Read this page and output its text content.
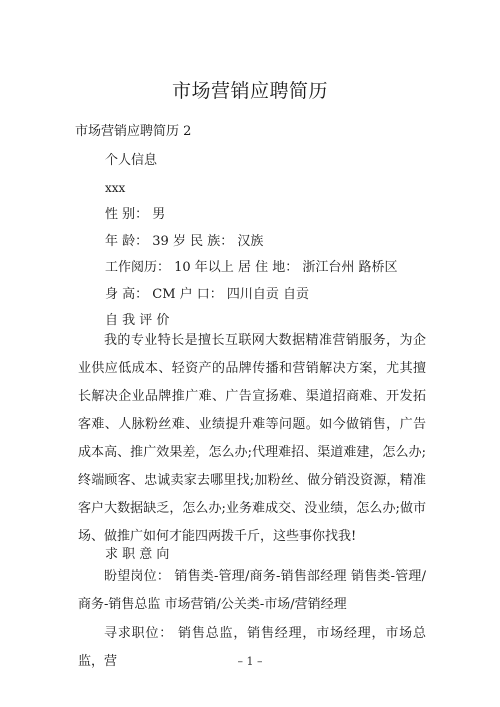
市场营销应聘简历
市场营销应聘简历 2
个人信息
xxx
性 别： 男
年 龄： 39 岁 民 族： 汉族
工作阅历： 10 年以上 居 住 地： 浙江台州 路桥区
身 高： CM 户 口： 四川自贡 自贡
自 我 评 价

我的专业特长是擅长互联网大数据精准营销服务，为企业供应低成本、轻资产的品牌传播和营销解决方案，尤其擅长解决企业品牌推广难、广告宣扬难、渠道招商难、开发拓客难、人脉粉丝难、业绩提升难等问题。如今做销售，广告成本高、推广效果差，怎么办;代理难招、渠道难建，怎么办;终端顾客、忠诚卖家去哪里找;加粉丝、做分销没资源，精准客户大数据缺乏，怎么办;业务难成交、没业绩，怎么办;做市场、做推广如何才能四两拨千斤，这些事你找我!

求 职 意 向

盼望岗位： 销售类-管理/商务-销售部经理 销售类-管理/商务-销售总监 市场营销/公关类-市场/营销经理

寻求职位： 销售总监，销售经理，市场经理，市场总监，营	– 1 –
